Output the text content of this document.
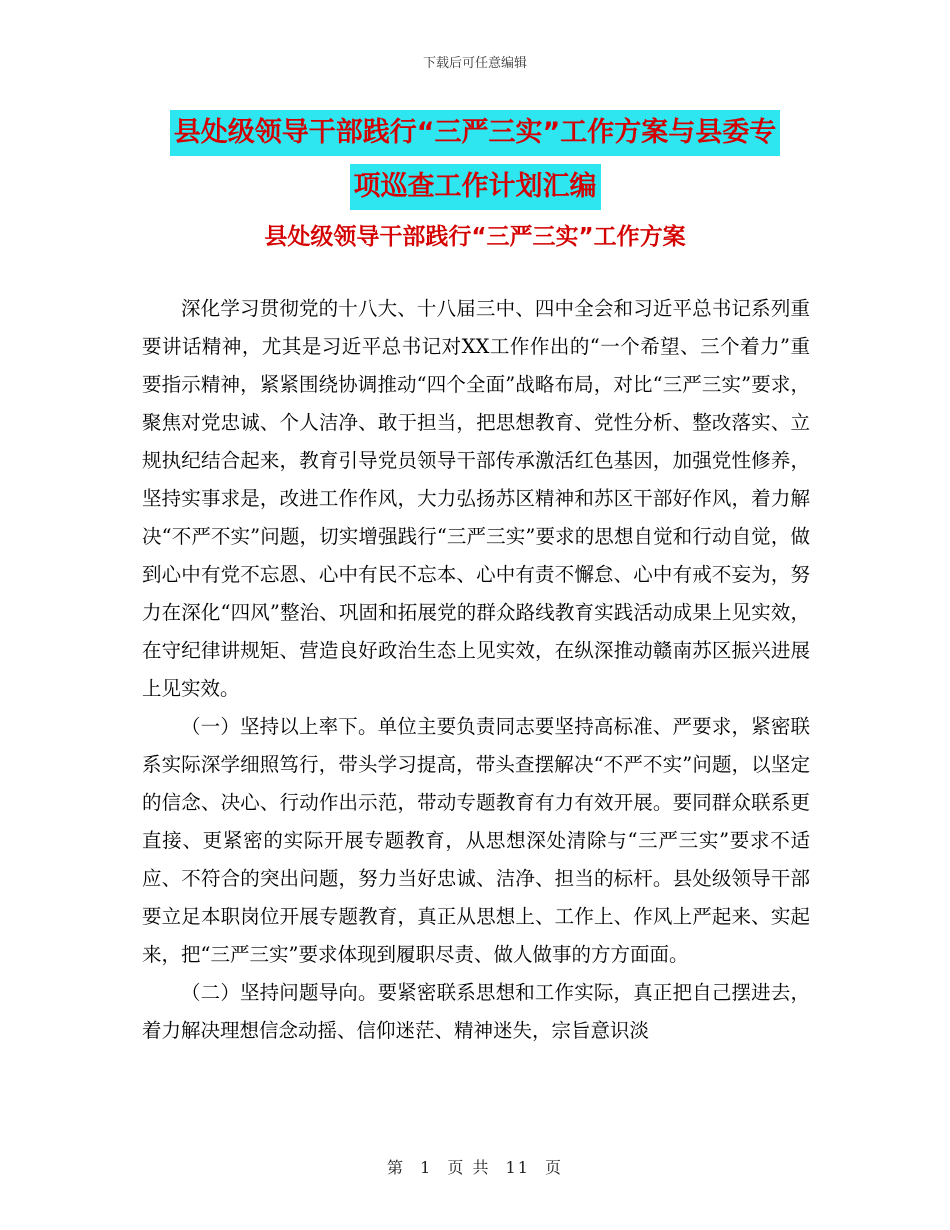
下载后可任意编辑
县处级领导干部践行“三严三实”工作方案与县委专
项巡查工作计划汇编
县处级领导干部践行“三严三实”工作方案

深化学习贯彻党的十八大、十八届三中、四中全会和习近平总书记系列重要讲话精神，尤其是习近平总书记对XX工作作出的“一个希望、三个着力”重要指示精神，紧紧围绕协调推动“四个全面”战略布局，对比“三严三实”要求，聚焦对党忠诚、个人洁净、敢于担当，把思想教育、党性分析、整改落实、立规执纪结合起来，教育引导党员领导干部传承激活红色基因，加强党性修养，坚持实事求是，改进工作作风，大力弘扬苏区精神和苏区干部好作风，着力解决“不严不实”问题，切实增强践行“三严三实”要求的思想自觉和行动自觉，做到心中有党不忘恩、心中有民不忘本、心中有责不懈怠、心中有戒不妄为，努力在深化“四风”整治、巩固和拓展党的群众路线教育实践活动成果上见实效，在守纪律讲规矩、营造良好政治生态上见实效，在纵深推动赣南苏区振兴进展上见实效。

（一）坚持以上率下。单位主要负责同志要坚持高标准、严要求，紧密联系实际深学细照笃行，带头学习提高，带头查摆解决“不严不实”问题，以坚定的信念、决心、行动作出示范，带动专题教育有力有效开展。要同群众联系更直接、更紧密的实际开展专题教育，从思想深处清除与“三严三实”要求不适应、不符合的突出问题，努力当好忠诚、洁净、担当的标杆。县处级领导干部要立足本职岗位开展专题教育，真正从思想上、工作上、作风上严起来、实起来，把“三严三实”要求体现到履职尽责、做人做事的方方面面。

（二）坚持问题导向。要紧密联系思想和工作实际，真正把自己摆进去，着力解决理想信念动摇、信仰迷茫、精神迷失，宗旨意识淡

第 1 页 共 11 页
